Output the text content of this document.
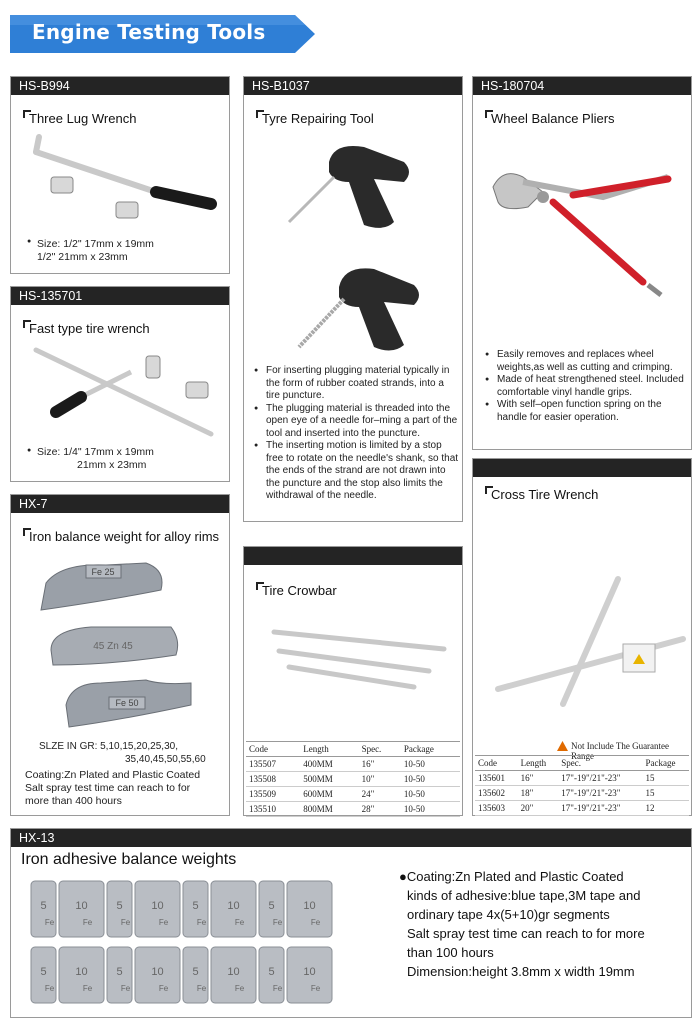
Engine Testing Tools
HS-B994
Three Lug Wrench
Size: 1/2" 17mm x 19mm
1/2" 21mm x 23mm
●
HS-135701
Fast type tire wrench
● Size: 1/4" 17mm x 19mm
21mm x 23mm
HX-7
Iron balance weight for alloy rims
Fe 25
45 Zn 45
Fe 50
SLZE IN GR: 5,10,15,20,25,30,
35,40,45,50,55,60
Coating:Zn Plated and Plastic Coated
Salt spray test time can reach to for
more than 400 hours
HS-B1037
Tyre Repairing Tool
● For inserting plugging material typically in the form of rubber coated strands, into a tire puncture.
● The plugging material is threaded into the open eye of a needle for–ming a part of the tool and inserted into the puncture.
● The inserting motion is limited by a stop free to rotate on the needle's shank, so that the ends of the strand are not drawn into the puncture and the stop also limits the withdrawal of the needle.
Tire Crowbar
Code	Length	Spec.	Package
135507	400MM	16"	10-50
135508	500MM	10"	10-50
135509	600MM	24"	10-50
135510	800MM	28"	10-50
HS-180704
Wheel Balance Pliers
● Easily removes and replaces wheel weights,as well as cutting and crimping.
● Made of heat strengthened steel. Included comfortable vinyl handle grips.
● With self–open function spring on the handle for easier operation.
Cross Tire Wrench
Not Include The Guarantee Range
Code	Length	Spec.	Package
135601	16"	17"-19"/21"-23"	15
135602	18"	17"-19"/21"-23"	15
135603	20"	17"-19"/21"-23"	12
HX-13
Iron adhesive balance weights
5
Fe
10
Fe
5
Fe
10
Fe
5
Fe
10
Fe
5
Fe
10
Fe
5
Fe
10
Fe
5
Fe
10
Fe
5
Fe
10
Fe
5
Fe
10
Fe
●Coating:Zn Plated and Plastic Coated
kinds of adhesive:blue tape,3M tape and
ordinary tape 4x(5+10)gr segments
Salt spray test time can reach to for more
than 100 hours
Dimension:height 3.8mm x width 19mm
